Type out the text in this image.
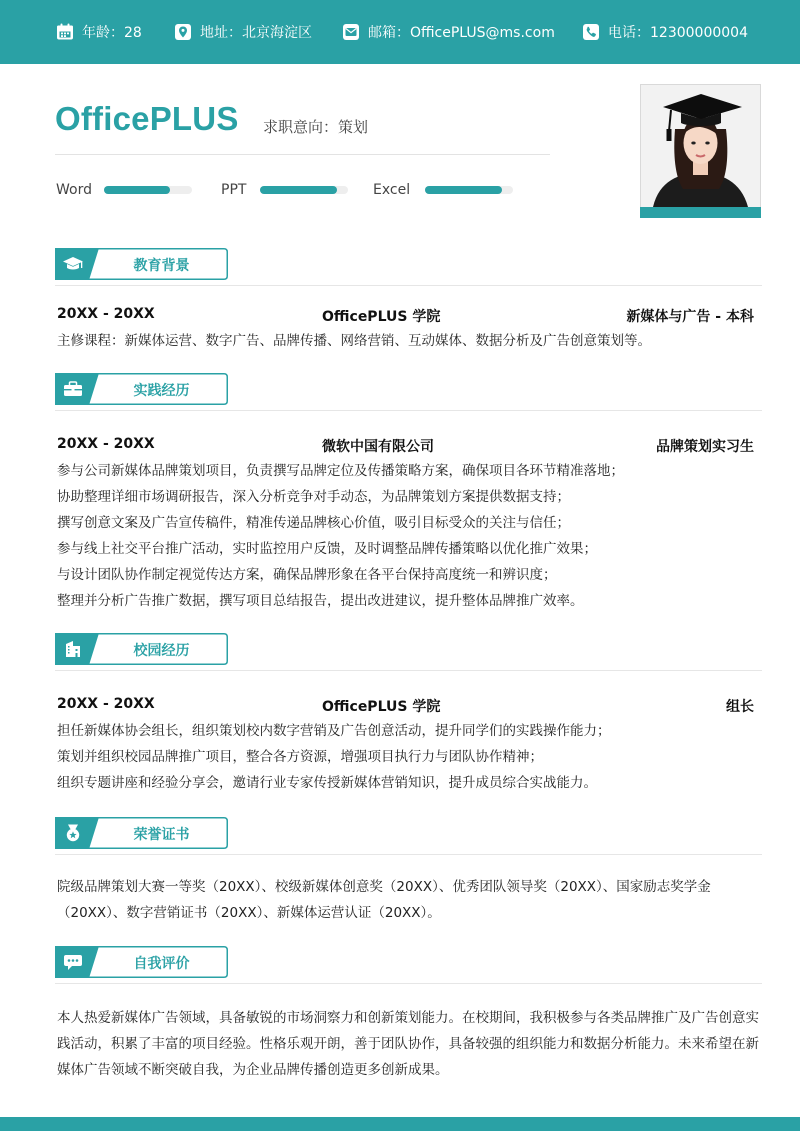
年龄：28	地址：北京海淀区	邮箱：OfficePLUS@ms.com	电话：12300000004
OfficePLUS 求职意向：策划
Word	PPT	Excel
教育背景
20XX - 20XX	OfficePLUS 学院	新媒体与广告 - 本科
主修课程：新媒体运营、数字广告、品牌传播、网络营销、互动媒体、数据分析及广告创意策划等。
实践经历
20XX - 20XX	微软中国有限公司	品牌策划实习生
参与公司新媒体品牌策划项目，负责撰写品牌定位及传播策略方案，确保项目各环节精准落地；
协助整理详细市场调研报告，深入分析竞争对手动态，为品牌策划方案提供数据支持；
撰写创意文案及广告宣传稿件，精准传递品牌核心价值，吸引目标受众的关注与信任；
参与线上社交平台推广活动，实时监控用户反馈，及时调整品牌传播策略以优化推广效果；
与设计团队协作制定视觉传达方案，确保品牌形象在各平台保持高度统一和辨识度；
整理并分析广告推广数据，撰写项目总结报告，提出改进建议，提升整体品牌推广效率。
校园经历
20XX - 20XX	OfficePLUS 学院	组长
担任新媒体协会组长，组织策划校内数字营销及广告创意活动，提升同学们的实践操作能力；
策划并组织校园品牌推广项目，整合各方资源，增强项目执行力与团队协作精神；
组织专题讲座和经验分享会，邀请行业专家传授新媒体营销知识，提升成员综合实战能力。
荣誉证书
院级品牌策划大赛一等奖（20XX）、校级新媒体创意奖（20XX）、优秀团队领导奖（20XX）、国家励志奖学金（20XX）、数字营销证书（20XX）、新媒体运营认证（20XX）。
自我评价
本人热爱新媒体广告领域，具备敏锐的市场洞察力和创新策划能力。在校期间，我积极参与各类品牌推广及广告创意实践活动，积累了丰富的项目经验。性格乐观开朗，善于团队协作，具备较强的组织能力和数据分析能力。未来希望在新媒体广告领域不断突破自我，为企业品牌传播创造更多创新成果。
